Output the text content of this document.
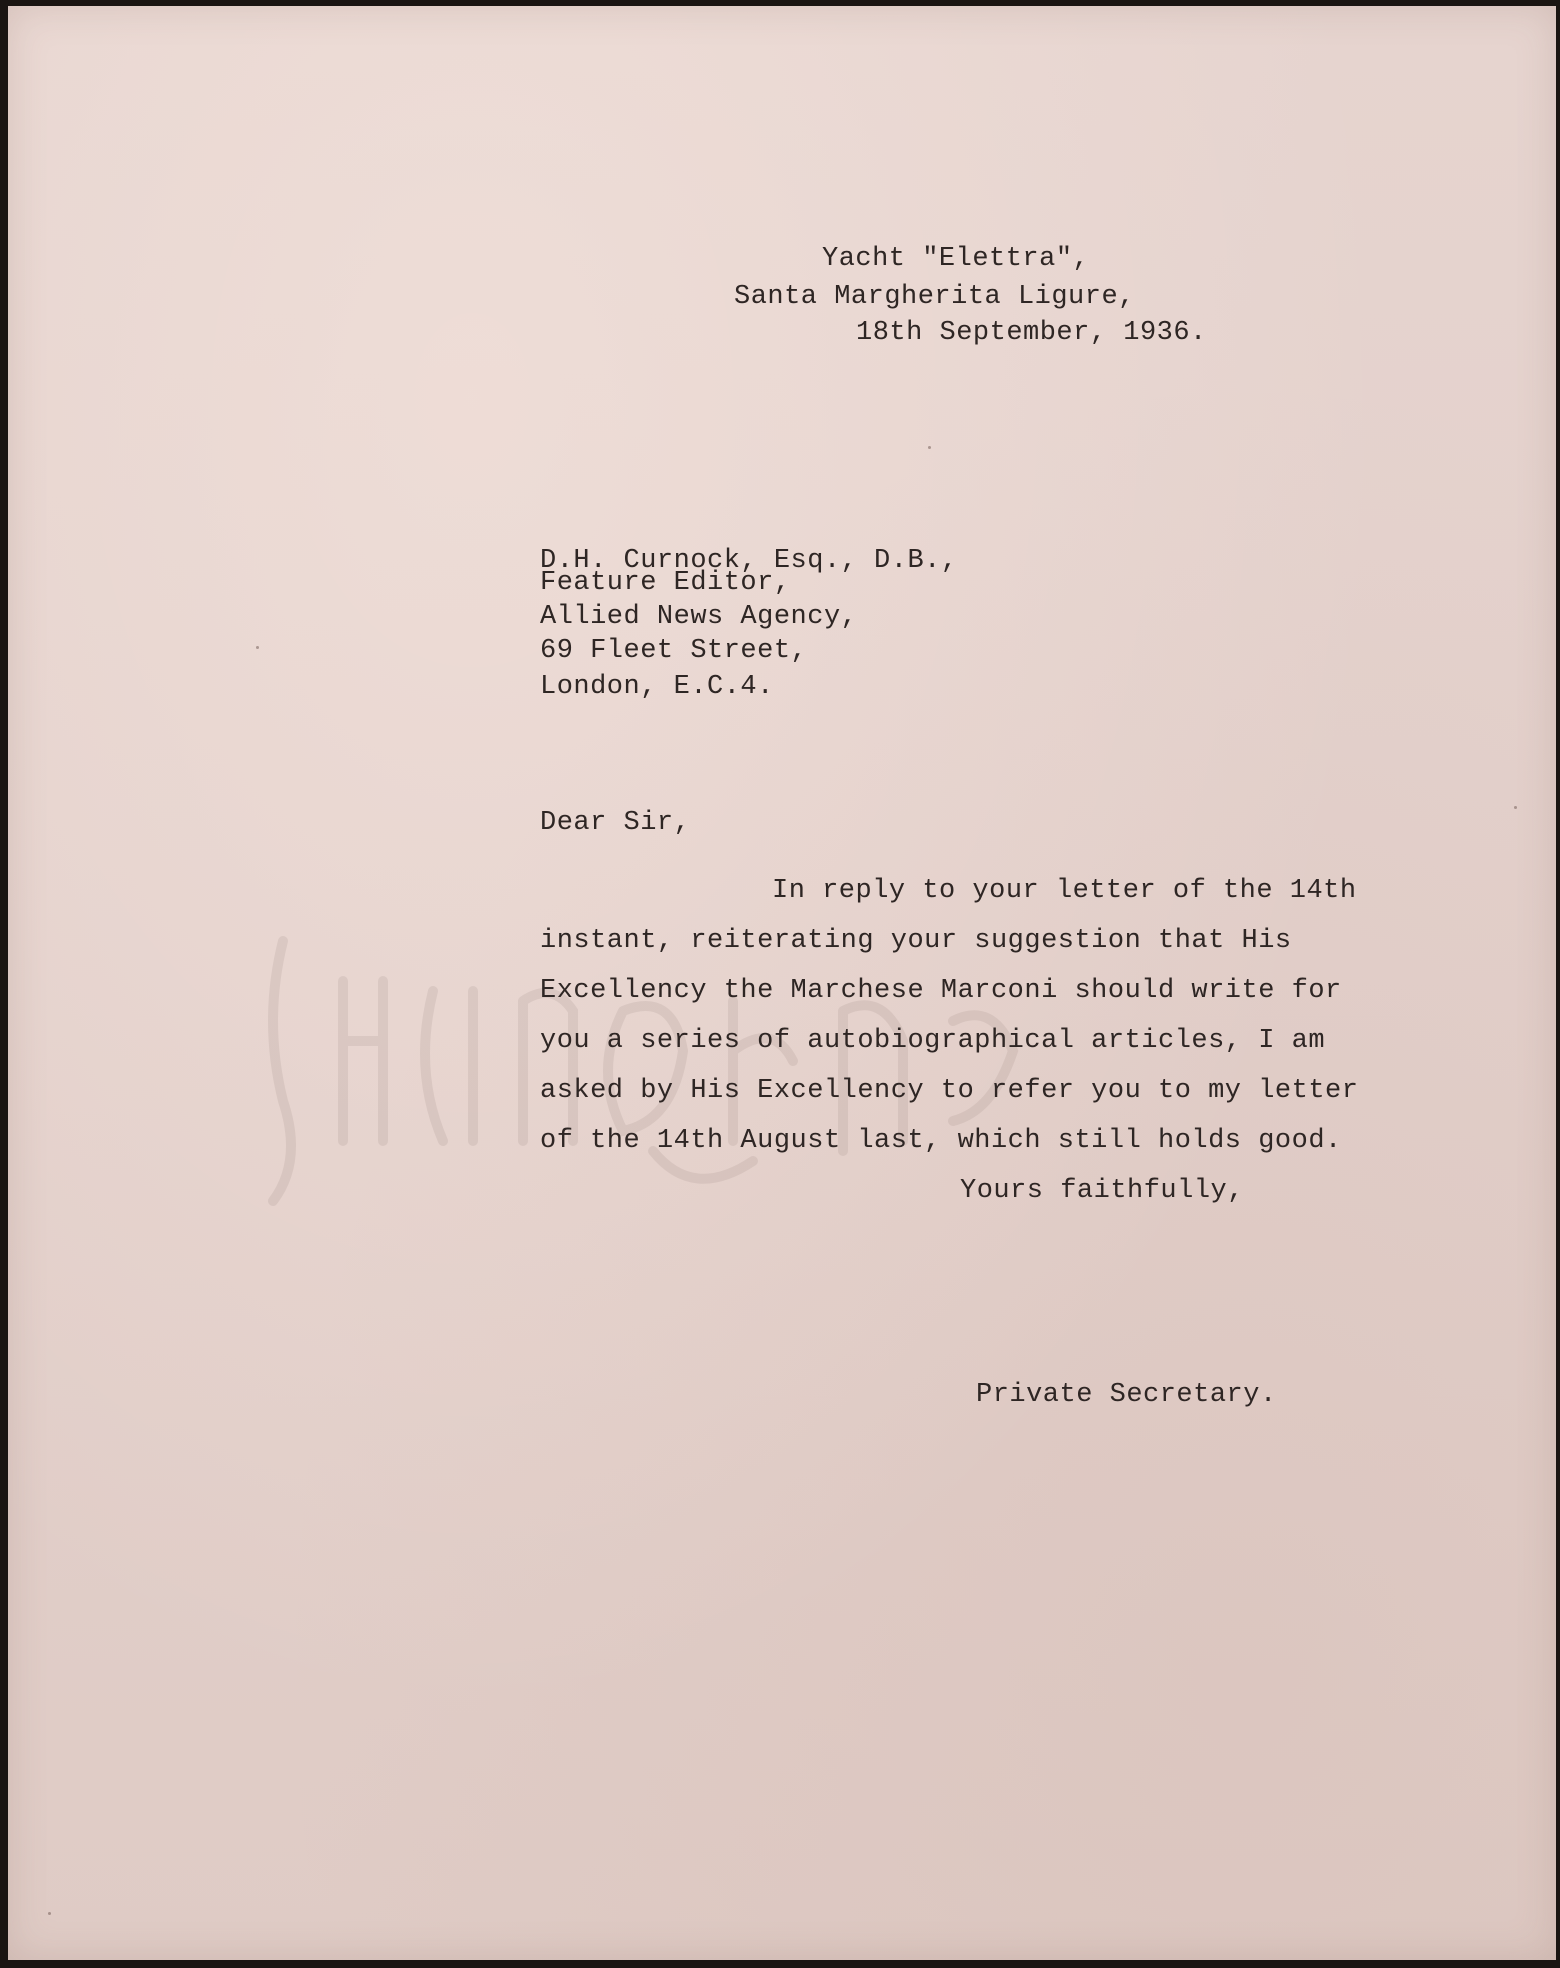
Yacht "Elettra",
Santa Margherita Ligure,
18th September, 1936.
D.H. Curnock, Esq., D.B.,
Feature Editor,
Allied News Agency,
69 Fleet Street,
London, E.C.4.
Dear Sir,
In reply to your letter of the 14th
instant, reiterating your suggestion that His
Excellency the Marchese Marconi should write for
you a series of autobiographical articles, I am
asked by His Excellency to refer you to my letter
of the 14th August last, which still holds good.
Yours faithfully,
Private Secretary.
